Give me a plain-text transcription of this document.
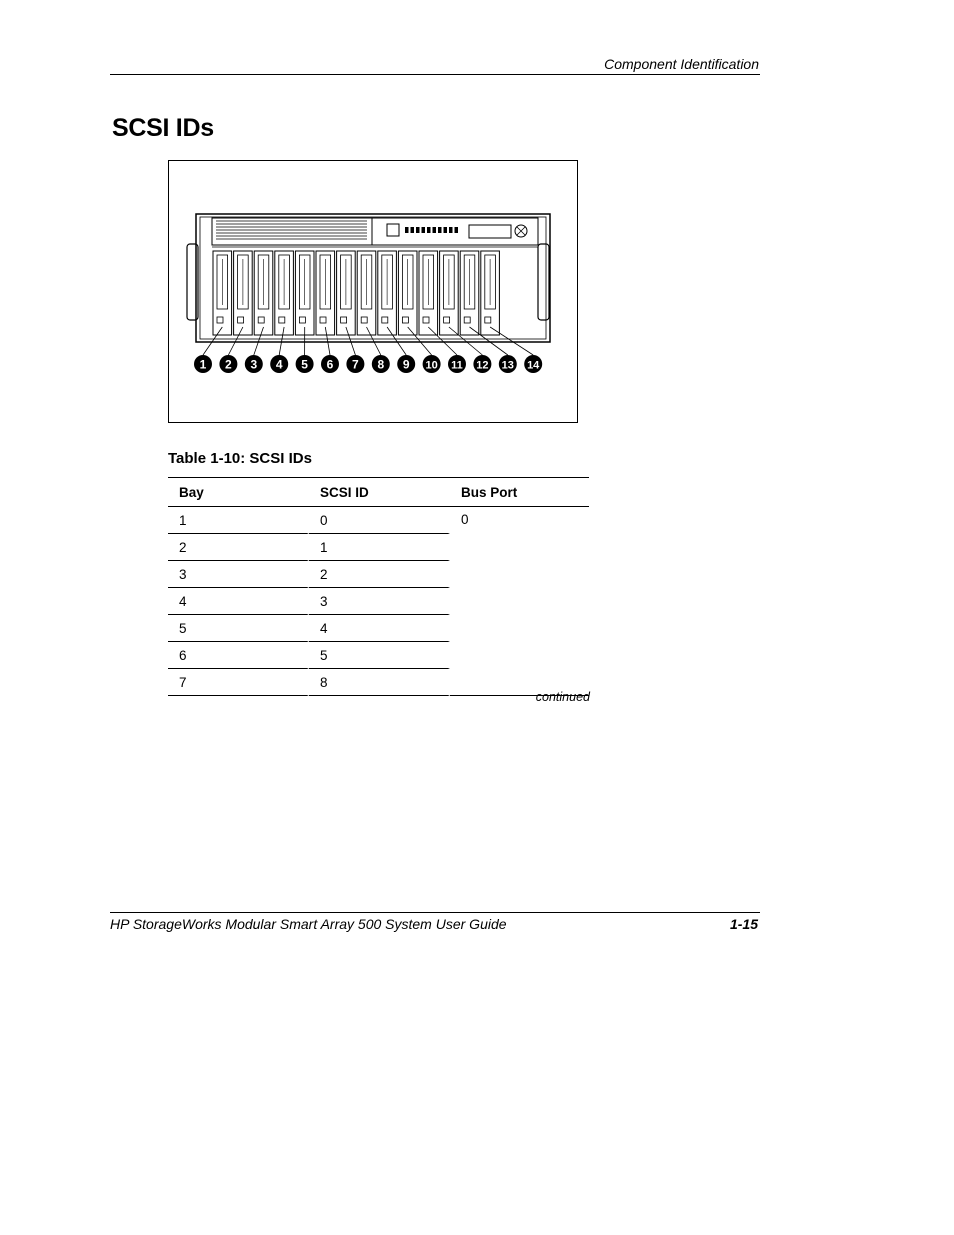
Component Identification
SCSI IDs
1 2 3 4 5 6 7 8 9 10 11 12 13 14
Table 1-10: SCSI IDs
Bay	SCSI ID	Bus Port
1	0	0
2	1	
3	2	
4	3	
5	4	
6	5	
7	8	
continued
HP StorageWorks Modular Smart Array 500 System User Guide	1-15
